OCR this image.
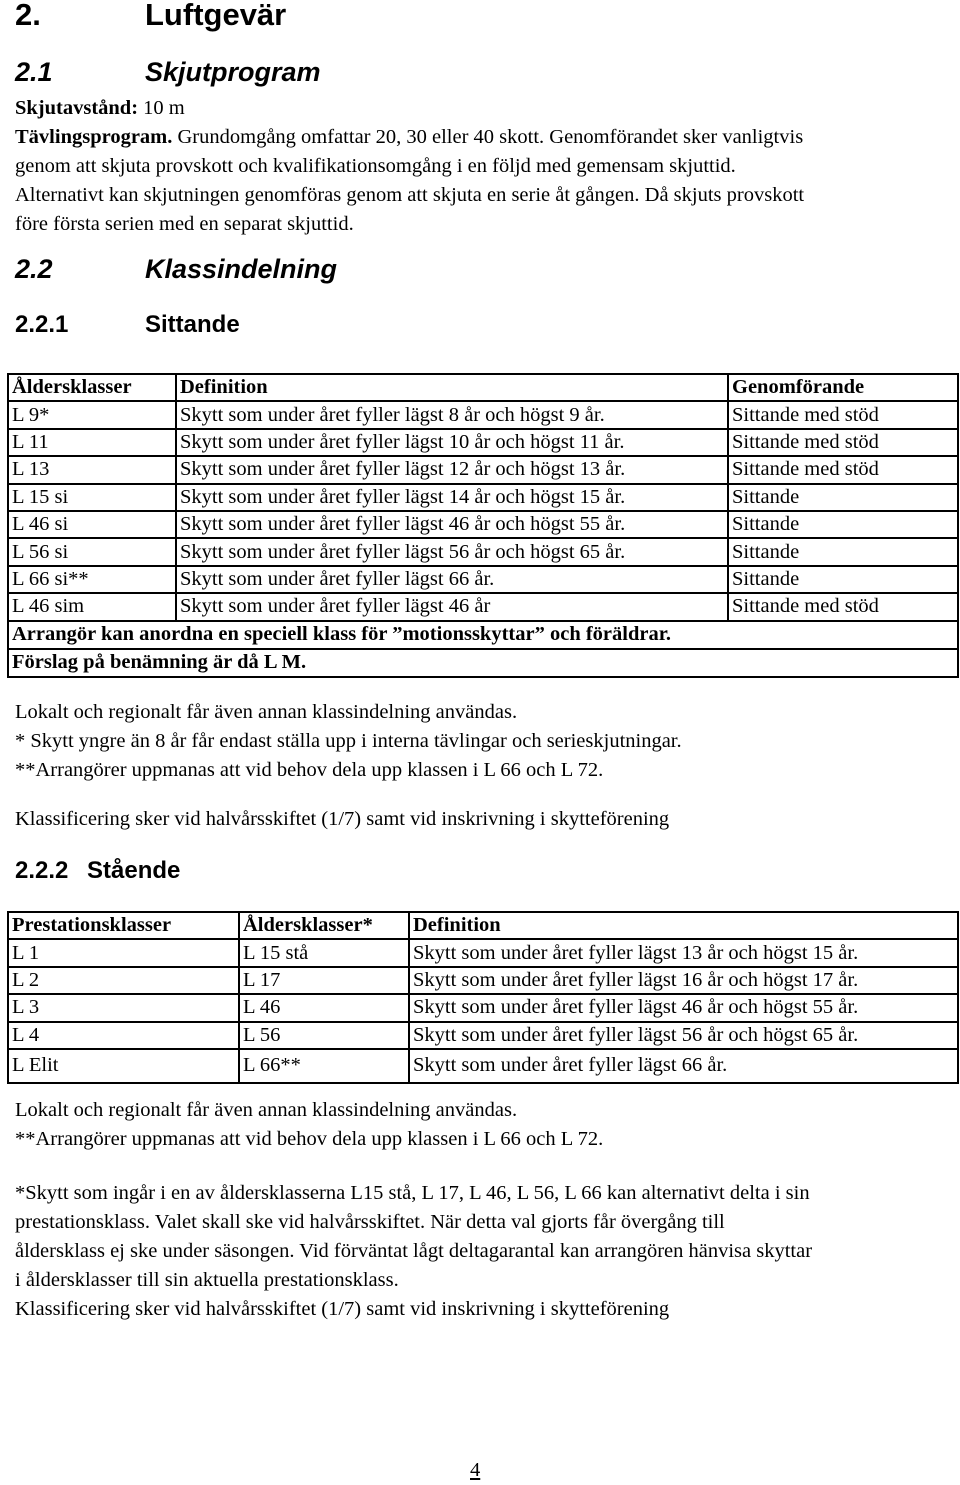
2.	Luftgevär
2.1	Skjutprogram
Skjutavstånd: 10 m
Tävlingsprogram. Grundomgång omfattar 20, 30 eller 40 skott. Genomförandet sker vanligtvis
genom att skjuta provskott och kvalifikationsomgång i en följd med gemensam skjuttid.
Alternativt kan skjutningen genomföras genom att skjuta en serie åt gången. Då skjuts provskott
före första serien med en separat skjuttid.
2.2	Klassindelning
2.2.1	Sittande
Åldersklasser	Definition	Genomförande
L 9*	Skytt som under året fyller lägst 8 år och högst 9 år.	Sittande med stöd
L 11	Skytt som under året fyller lägst 10 år och högst 11 år.	Sittande med stöd
L 13	Skytt som under året fyller lägst 12 år och högst 13 år.	Sittande med stöd
L 15 si	Skytt som under året fyller lägst 14 år och högst 15 år.	Sittande
L 46 si	Skytt som under året fyller lägst 46 år och högst 55 år.	Sittande
L 56 si	Skytt som under året fyller lägst 56 år och högst 65 år.	Sittande
L 66 si**	Skytt som under året fyller lägst 66 år.	Sittande
L 46 sim	Skytt som under året fyller lägst 46 år	Sittande med stöd
Arrangör kan anordna en speciell klass för ”motionsskyttar” och föräldrar.		
Förslag på benämning är då L M.		
Lokalt och regionalt får även annan klassindelning användas.
* Skytt yngre än 8 år får endast ställa upp i interna tävlingar och serieskjutningar.
**Arrangörer uppmanas att vid behov dela upp klassen i L 66 och L 72.
Klassificering sker vid halvårsskiftet (1/7) samt vid inskrivning i skytteförening
2.2.2 Stående
Prestationsklasser	Åldersklasser*	Definition
L 1	L 15 stå	Skytt som under året fyller lägst 13 år och högst 15 år.
L 2	L 17	Skytt som under året fyller lägst 16 år och högst 17 år.
L 3	L 46	Skytt som under året fyller lägst 46 år och högst 55 år.
L 4	L 56	Skytt som under året fyller lägst 56 år och högst 65 år.
L Elit	L 66**	Skytt som under året fyller lägst 66 år.
Lokalt och regionalt får även annan klassindelning användas.
**Arrangörer uppmanas att vid behov dela upp klassen i L 66 och L 72.
*Skytt som ingår i en av åldersklasserna L15 stå, L 17, L 46, L 56, L 66 kan alternativt delta i sin
prestationsklass. Valet skall ske vid halvårsskiftet. När detta val gjorts får övergång till
åldersklass ej ske under säsongen. Vid förväntat lågt deltagarantal kan arrangören hänvisa skyttar
i åldersklasser till sin aktuella prestationsklass.
Klassificering sker vid halvårsskiftet (1/7) samt vid inskrivning i skytteförening
4
